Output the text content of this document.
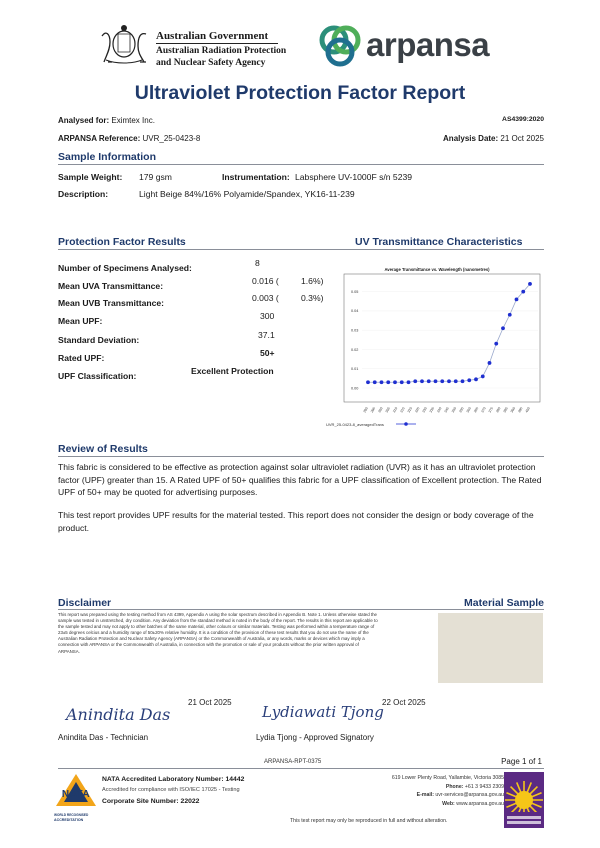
Australian Government
Australian Radiation Protection
and Nuclear Safety Agency	arpansa
Ultraviolet Protection Factor Report
Analysed for: Eximtex Inc.	AS4399:2020
ARPANSA Reference: UVR_25-0423-8	Analysis Date: 21 Oct 2025
Sample Information
Sample Weight: 179 gsm	Instrumentation: Labsphere UV-1000F s/n 5239
Description:	Light Beige 84%/16% Polyamide/Spandex, YK16-11-239
Protection Factor Results	UV Transmittance Characteristics
Number of Specimens Analysed:	8
Mean UVA Transmittance:	0.016 (	1.6%)
Mean UVB Transmittance:	0.003 (	0.3%)
Mean UPF:	300
Standard Deviation:	37.1
Rated UPF:	50+
UPF Classification:	Excellent Protection
Average Transmittance vs. Wavelength (nanometres)
0.05
0.04
0.03
0.02
0.01
0.00
290 295 300 305 310 315 320 325 330 335 340 345 350 355 360 365 370 375 380 385 390 395 400
UVR_25-0423-8_averagedTrans
Review of Results
This fabric is considered to be effective as protection against solar ultraviolet radiation (UVR) as it has an ultraviolet protection factor (UPF) greater than 15. A Rated UPF of 50+ qualifies this fabric for a UPF classification of Excellent protection. The Rated UPF of 50+ may be quoted for advertising purposes.
This test report provides UPF results for the material tested. This report does not consider the design or body coverage of the product.
Disclaimer	Material Sample
This report was prepared using the testing method from AS 4399, Appendix A using the solar spectrum described in Appendix B. Note 1. Unless otherwise stated the sample was tested in unstretched, dry condition. Any deviation from the standard method is noted in the body of the report. The results in this report are applicable to the sample tested and may not apply to other batches of the same material, other colours or similar materials. Testing was performed within a temperature range of 23±5 degrees celcius and a humidity range of 50±20% relative humidity. It is a condition of the provision of these test results that you do not use the name of the Australian Radiation Protection and Nuclear Safety Agency (ARPANSA) or the Commonwealth of Australia, or any words, marks or devices which may imply a connection with ARPANSA or the Commonwealth of Australia, in connection with the promotion or sale of your products without the prior written approval of ARPANSA.
21 Oct 2025
Anindita Das
Anindita Das - Technician
22 Oct 2025
Lydiawati Tjong
Lydia Tjong - Approved Signatory
ARPANSA-RPT-0375	Page 1 of 1
NATA
WORLD RECOGNISED
ACCREDITATION
NATA Accredited Laboratory Number: 14442
Accredited for compliance with ISO/IEC 17025 - Testing
Corporate Site Number: 22022
619 Lower Plenty Road, Yallambie, Victoria 3085
Phone: +61 3 9433 2309
E-mail: uvr-services@arpansa.gov.au
Web: www.arpansa.gov.au
This test report may only be reproduced in full and without alteration.
